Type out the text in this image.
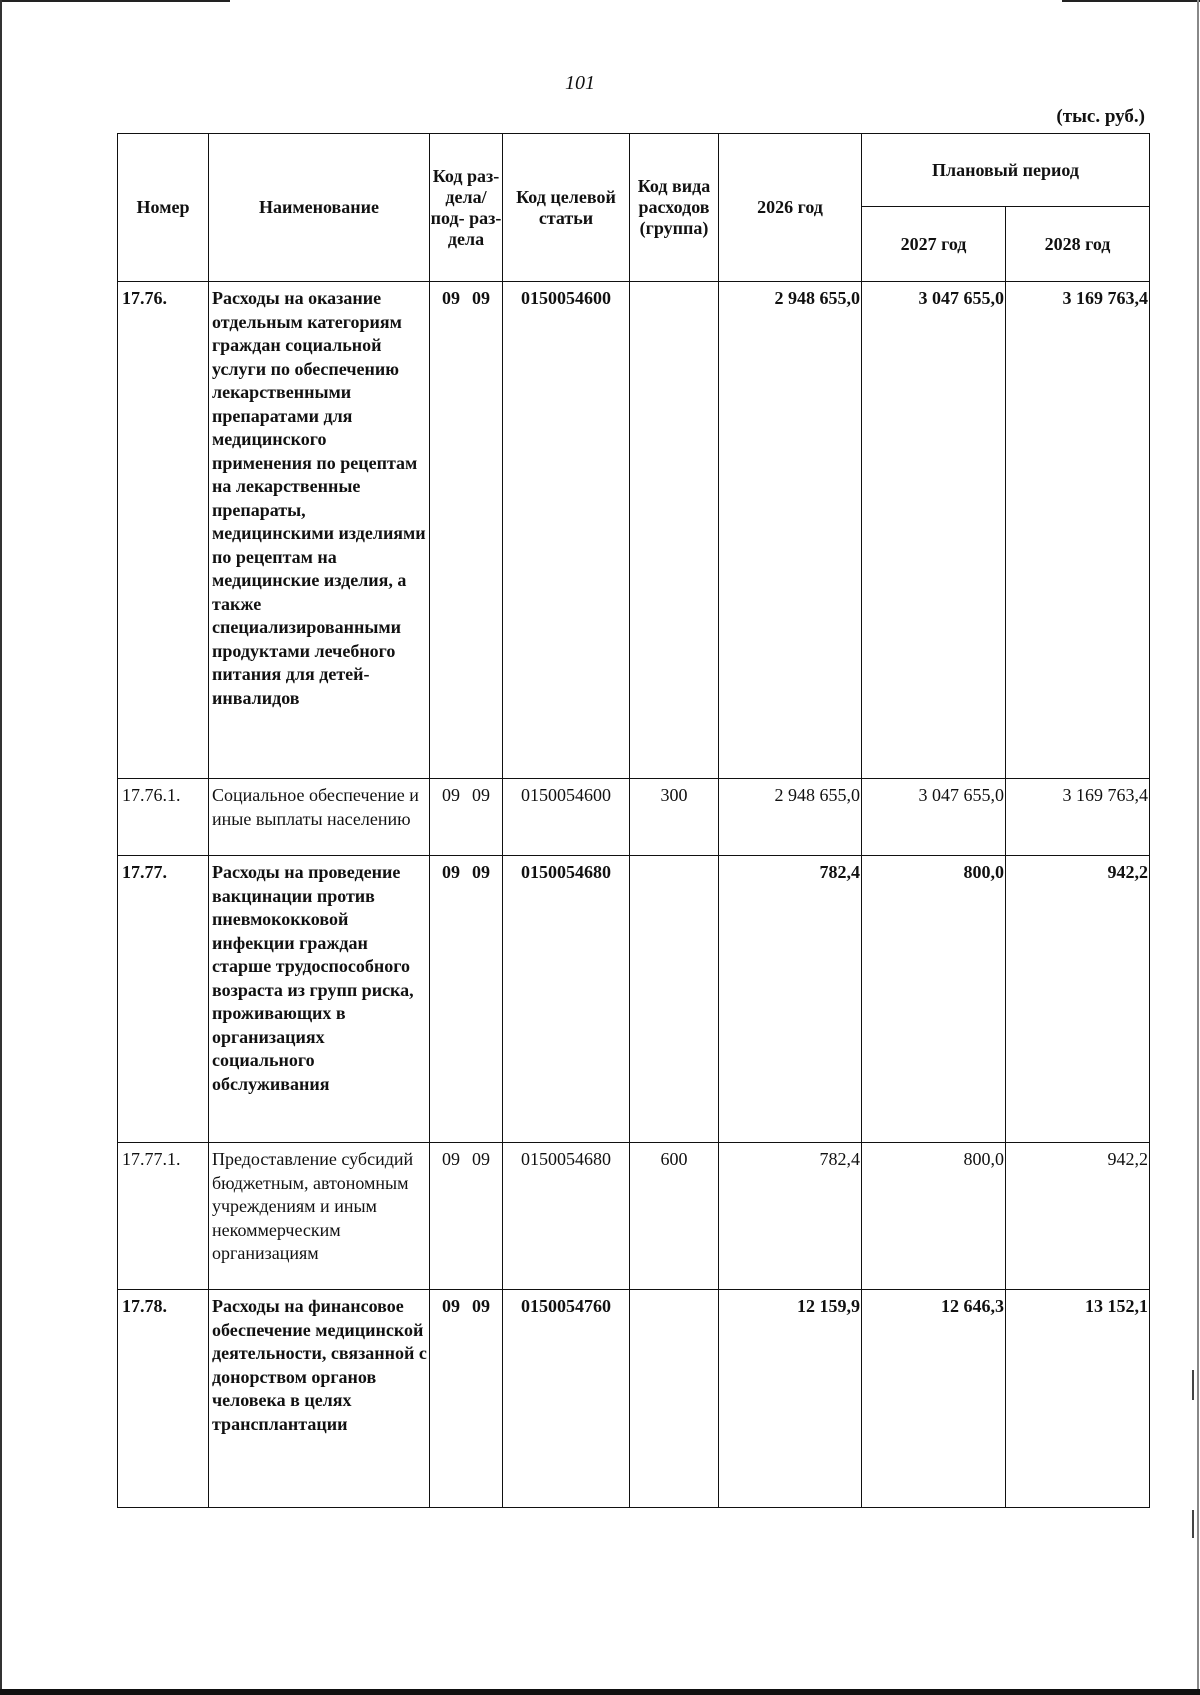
101
(тыс. руб.)
Номер	Наименование	Код раз- дела/ под- раз- дела	Код целевой статьи	Код вида расходов (группа)	2026 год	Плановый период	
						2027 год	2028 год
17.76.	Расходы на оказание отдельным категориям граждан социальной услуги по обеспечению лекарственными препаратами для медицинского применения по рецептам на лекарственные препараты, медицинскими изделиями по рецептам на медицинские изделия, а также специализированными продуктами лечебного питания для детей-инвалидов	09 09	0150054600		2 948 655,0	3 047 655,0	3 169 763,4
17.76.1.	Социальное обеспечение и иные выплаты населению	09 09	0150054600	300	2 948 655,0	3 047 655,0	3 169 763,4
17.77.	Расходы на проведение вакцинации против пневмококковой инфекции граждан старше трудоспособного возраста из групп риска, проживающих в организациях социального обслуживания	09 09	0150054680		782,4	800,0	942,2
17.77.1.	Предоставление субсидий бюджетным, автономным учреждениям и иным некоммерческим организациям	09 09	0150054680	600	782,4	800,0	942,2
17.78.	Расходы на финансовое обеспечение медицинской деятельности, связанной с донорством органов человека в целях трансплантации	09 09	0150054760		12 159,9	12 646,3	13 152,1
